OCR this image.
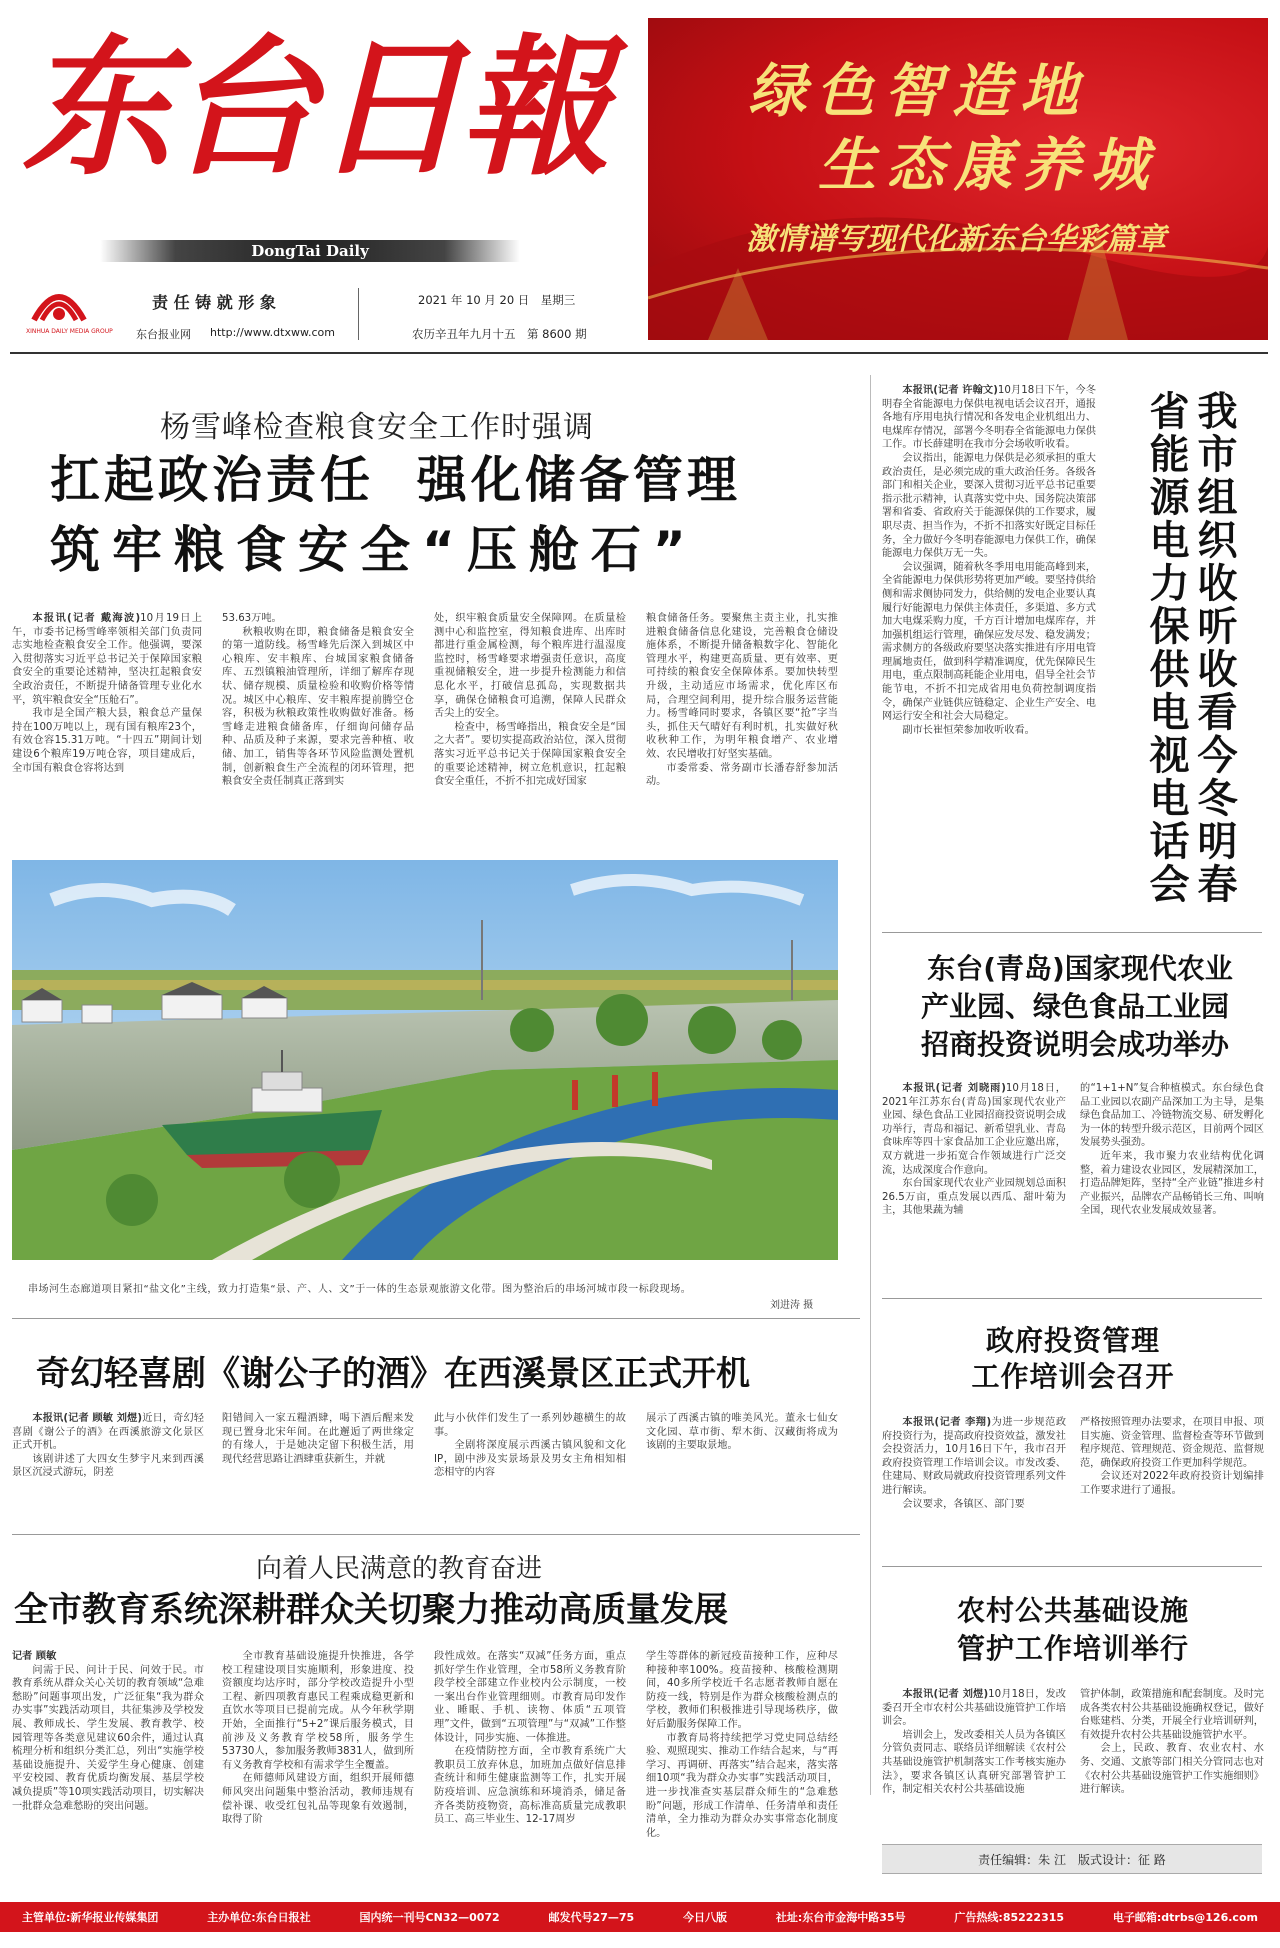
东台日報
DongTai Daily
XINHUA DAILY MEDIA GROUP
责 任 铸 就 形 象
东台报业网 http://www.dtxww.com
2021 年 10 月 20 日　星期三
农历辛丑年九月十五　第 8600 期
绿色智造地
生态康养城
激情谱写现代化新东台华彩篇章
杨雪峰检查粮食安全工作时强调
扛起政治责任  强化储备管理
筑牢粮食安全“压舱石”

本报讯(记者 戴海波)10月19日上午，市委书记杨雪峰率领相关部门负责同志实地检查粮食安全工作。他强调，要深入贯彻落实习近平总书记关于保障国家粮食安全的重要论述精神，坚决扛起粮食安全政治责任，不断提升储备管理专业化水平，筑牢粮食安全“压舱石”。

我市是全国产粮大县，粮食总产量保持在100万吨以上，现有国有粮库23个，有效仓容15.31万吨。“十四五”期间计划建设6个粮库19万吨仓容，项目建成后，全市国有粮食仓容将达到

53.63万吨。

秋粮收购在即，粮食储备是粮食安全的第一道防线。杨雪峰先后深入到城区中心粮库、安丰粮库、台城国家粮食储备库、五烈镇粮油管理所，详细了解库存现状、储存规模、质量检验和收购价格等情况。城区中心粮库、安丰粮库提前腾空仓容，积极为秋粮政策性收购做好准备。杨雪峰走进粮食储备库，仔细询问储存品种、品质及种子来源，要求完善种植、收储、加工，销售等各环节风险监测处置机制，创新粮食生产全流程的闭环管理，把粮食安全责任制真正落到实

处，织牢粮食质量安全保障网。在质量检测中心和监控室，得知粮食进库、出库时都进行重金属检测，每个粮库进行温湿度监控时，杨雪峰要求增强责任意识，高度重视储粮安全，进一步提升检测能力和信息化水平，打破信息孤岛，实现数据共享，确保仓储粮食可追溯，保障人民群众舌尖上的安全。

检查中，杨雪峰指出，粮食安全是“国之大者”。要切实提高政治站位，深入贯彻落实习近平总书记关于保障国家粮食安全的重要论述精神，树立危机意识，扛起粮食安全重任，不折不扣完成好国家

粮食储备任务。要聚焦主责主业，扎实推进粮食储备信息化建设，完善粮食仓储设施体系，不断提升储备粮数字化、智能化管理水平，构建更高质量、更有效率、更可持续的粮食安全保障体系。要加快转型升级，主动适应市场需求，优化库区布局，合理空间利用，提升综合服务运营能力。杨雪峰同时要求，各镇区要“抢”字当头，抓住天气晴好有利时机，扎实做好秋收秋种工作，为明年粮食增产、农业增效、农民增收打好坚实基础。

市委常委、常务副市长潘春舒参加活动。

本报讯(记者 许翰文)10月18日下午，今冬明春全省能源电力保供电视电话会议召开，通报各地有序用电执行情况和各发电企业机组出力、电煤库存情况，部署今冬明春全省能源电力保供工作。市长薛建明在我市分会场收听收看。

会议指出，能源电力保供是必须承担的重大政治责任，是必须完成的重大政治任务。各级各部门和相关企业，要深入贯彻习近平总书记重要指示批示精神，认真落实党中央、国务院决策部署和省委、省政府关于能源保供的工作要求，履职尽责、担当作为，不折不扣落实好既定目标任务，全力做好今冬明春能源电力保供工作，确保能源电力保供万无一失。

会议强调，随着秋冬季用电用能高峰到来，全省能源电力保供形势将更加严峻。要坚持供给侧和需求侧协同发力，供给侧的发电企业要认真履行好能源电力保供主体责任，多渠道、多方式加大电煤采购力度，千方百计增加电煤库存，并加强机组运行管理，确保应发尽发、稳发满发；需求侧方的各级政府要坚决落实推进有序用电管理属地责任，做到科学精准调度，优先保障民生用电，重点限制高耗能企业用电，倡导全社会节能节电，不折不扣完成省用电负荷控制调度指令，确保产业链供应链稳定、企业生产安全、电网运行安全和社会大局稳定。

副市长崔恒荣参加收听收看。	我市组织收听收看今冬明春省能源电力保供电视电话会
串场河生态廊道项目紧扣“盐文化”主线，致力打造集“景、产、人、文”于一体的生态景观旅游文化带。图为整治后的串场河城市段一标段现场。
刘进涛 摄
东台(青岛)国家现代农业
产业园、绿色食品工业园
招商投资说明会成功举办

本报讯(记者 刘晓雨)10月18日，2021年江苏东台(青岛)国家现代农业产业园、绿色食品工业园招商投资说明会成功举行，青岛和福记、新希望乳业、青岛食味库等四十家食品加工企业应邀出席，双方就进一步拓宽合作领域进行广泛交流，达成深度合作意向。

东台国家现代农业产业园规划总面积26.5万亩，重点发展以西瓜、甜叶菊为主，其他果蔬为辅

的“1+1+N”复合种植模式。东台绿色食品工业园以农副产品深加工为主导，是集绿色食品加工、冷链物流交易、研发孵化为一体的转型升级示范区，目前两个园区发展势头强劲。

近年来，我市聚力农业结构优化调整，着力建设农业园区，发展精深加工，打造品牌矩阵，坚持“全产业链”推进乡村产业振兴，品牌农产品畅销长三角、叫响全国，现代农业发展成效显著。

奇幻轻喜剧《谢公子的酒》在西溪景区正式开机

本报讯(记者 顾敏 刘煜)近日，奇幻轻喜剧《谢公子的酒》在西溪旅游文化景区正式开机。

该剧讲述了大四女生梦宇凡来到西溪景区沉浸式游玩，阴差

阳错间入一家五糧酒肆，喝下酒后醒来发现已置身北宋年间。在此邂逅了两世缘定的有缘人，于是她决定留下积极生活，用现代经营思路让酒肆重获新生，并就

此与小伙伴们发生了一系列妙趣横生的故事。

全剧将深度展示西溪古镇风貌和文化IP，剧中涉及实景场景及男女主角相知相恋相守的内容

展示了西溪古镇的唯美风光。董永七仙女文化园、草市街、犁木街、汉藏街将成为该剧的主要取景地。

政府投资管理
工作培训会召开

本报讯(记者 李翔)为进一步规范政府投资行为，提高政府投资效益，激发社会投资活力，10月16日下午，我市召开政府投资管理工作培训会议。市发改委、住建局、财政局就政府投资管理系列文件进行解读。

会议要求，各镇区、部门要

严格按照管理办法要求，在项目申报、项目实施、资金管理、监督检查等环节做到程序规范、管理规范、资金规范、监督规范，确保政府投资工作更加科学规范。

会议还对2022年政府投资计划编排工作要求进行了通报。

向着人民满意的教育奋进
全市教育系统深耕群众关切聚力推动高质量发展

记者 顾敏

问需于民、问计于民、问效于民。市教育系统从群众关心关切的教育领域“急难愁盼”问题事项出发，广泛征集“我为群众办实事”实践活动项目，共征集涉及学校发展、教师成长、学生发展、教育教学、校园管理等各类意见建议60余件，通过认真梳理分析和组织分类汇总，列出“实施学校基础设施提升、关爱学生身心健康、创建平安校园、教育优质均衡发展、基层学校减负提质”等10项实践活动项目，切实解决一批群众急难愁盼的突出问题。

全市教育基础设施提升快推进，各学校工程建设项目实施顺利，形象进度、投资额度均达序时，部分学校改造提升小型工程、新四项教育惠民工程乘成稳更新和直饮水等项目已提前完成。从今年秋学期开始，全面推行“5+2”课后服务模式，目前涉及义务教育学校58所，服务学生53730人，参加服务教师3831人，做到所有义务教育学校和有需求学生全覆盖。

在师德师风建设方面，组织开展师德师风突出问题集中整治活动，教师违规有偿补课、收受红包礼品等现象有效遏制，取得了阶

段性成效。在落实“双减”任务方面，重点抓好学生作业管理，全市58所义务教育阶段学校全部建立作业校内公示制度，一校一案出台作业管理细则。市教育局印发作业、睡眠、手机、读物、体质“五项管理”文件，做到“五项管理”与“双减”工作整体设计，同步实施、一体推进。

在疫情防控方面，全市教育系统广大教职员工放弃休息，加班加点做好信息排查统计和师生健康监测等工作，扎实开展防疫培训、应急演练和环境消杀，储足备齐各类防疫物资，高标准高质量完成教职员工、高三毕业生、12-17周岁

学生等群体的新冠疫苗接种工作，应种尽种接种率100%。疫苗接种、核酸检测期间，40多所学校近千名志愿者教师自愿在防疫一线，特别是作为群众核酸检测点的学校，教师们积极推进引导现场秩序，做好后勤服务保障工作。

市教育局将持续把学习党史同总结经验、观照现实、推动工作结合起来，与“再学习、再调研、再落实”结合起来，落实落细10项“我为群众办实事”实践活动项目，进一步找准查实基层群众师生的“急难愁盼”问题，形成工作清单、任务清单和责任清单，全力推动为群众办实事常态化制度化。

农村公共基础设施
管护工作培训举行

本报讯(记者 刘煜)10月18日，发改委召开全市农村公共基础设施管护工作培训会。

培训会上，发改委相关人员为各镇区分管负责同志、联络员详细解读《农村公共基础设施管护机制落实工作考核实施办法》，要求各镇区认真研究部署管护工作，制定相关农村公共基础设施

管护体制，政策措施和配套制度。及时完成各类农村公共基础设施确权登记，做好台账建档、分类，开展全行业培训研判，有效提升农村公共基础设施管护水平。

会上，民政、教育、农业农村、水务、交通、文旅等部门相关分管同志也对《农村公共基础设施管护工作实施细则》进行解读。

责任编辑：朱 江　版式设计：征 路
主管单位:新华报业传媒集团	主办单位:东台日报社	国内统一刊号CN32—0072	邮发代号27—75	今日八版	社址:东台市金海中路35号	广告热线:85222315	电子邮箱:dtrbs@126.com
